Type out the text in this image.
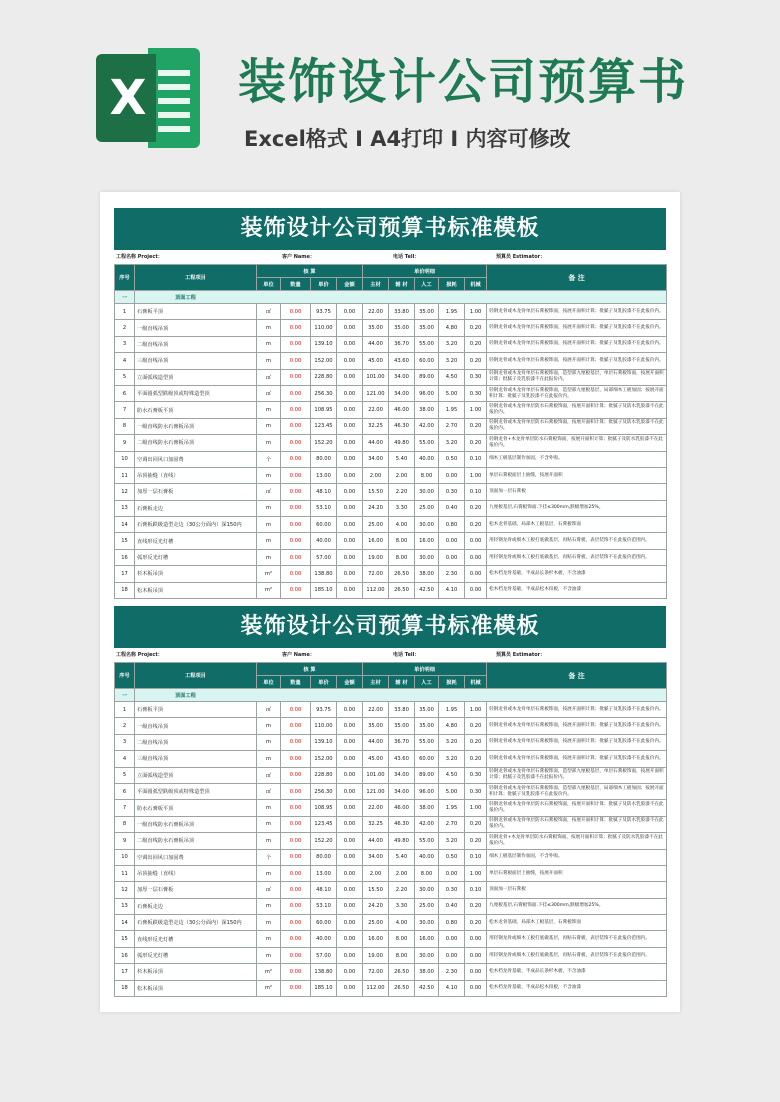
X 装饰设计公司预算书
Excel格式 I A4打印 I 内容可修改
装饰设计公司预算书标准模板
工程名称 Project：	客户 Name：	电话 Tell：	预算员 Estimator：
序号	工程项目	核 算				单价明细					备 注
		单位	数量	单价	金额	主材	辅 材	人工	损耗	机械	
一	顶面工程										
1	石膏板平顶	㎡	0.00	93.75	0.00	22.00	33.80	35.00	1.95	1.00	轻钢龙骨或木龙骨单层石膏板饰面，按展开面积计算；批腻子及乳胶漆不在此报价内。
2	一级直线吊顶	m	0.00	110.00	0.00	35.00	35.00	35.00	4.80	0.20	轻钢龙骨或木龙骨单层石膏板饰面，按展开面积计算；批腻子及乳胶漆不在此报价内。
3	二级直线吊顶	m	0.00	139.10	0.00	44.00	36.70	55.00	3.20	0.20	轻钢龙骨或木龙骨单层石膏板饰面，按展开面积计算；批腻子及乳胶漆不在此报价内。
4	三级直线吊顶	m	0.00	152.00	0.00	45.00	43.60	60.00	3.20	0.20	轻钢龙骨或木龙骨单层石膏板饰面，按展开面积计算；批腻子及乳胶漆不在此报价内。
5	立面弧线造型顶	㎡	0.00	228.80	0.00	101.00	34.00	89.00	4.50	0.30	轻钢龙骨或木龙骨单层石膏板饰面，造型部九厘板基层，单层石膏板饰面，按展开面积计算；批腻子及乳胶漆不在此报价内。
6	平面圆弧型跌级顶或特殊造型顶	㎡	0.00	256.30	0.00	121.00	34.00	96.00	5.00	0.30	轻钢龙骨或木龙骨单层石膏板饰面，造型部九厘板基层，局部细木工板加固；按展开面积计算；批腻子及乳胶漆不在此报价内。
7	防水石膏板平顶	m	0.00	108.95	0.00	22.00	46.00	38.00	1.95	1.00	轻钢龙骨或木龙骨单层防水石膏板饰面，按展开面积计算；批腻子及防水乳胶漆不在此报价内。
8	一级直线防水石膏板吊顶	m	0.00	123.45	0.00	32.25	46.30	42.00	2.70	0.20	轻钢龙骨或木龙骨单层防水石膏板饰面，按展开面积计算；批腻子及防水乳胶漆不在此报价内。
9	二级直线防水石膏板吊顶	m	0.00	152.20	0.00	44.00	49.80	55.00	3.20	0.20	轻钢龙骨+木龙骨单层防水石膏板饰面，按展开面积计算；批腻子及防水乳胶漆不在此报价内。
10	空调出回风口加固费	个	0.00	80.00	0.00	34.00	5.40	40.00	0.50	0.10	细木工板基层制作加固，不含外购。
11	吊顶抽缝（直线）	m	0.00	13.00	0.00	2.00	2.00	8.00	0.00	1.00	单层石膏板面层上抽缝，按展开面积
12	加厚一层石膏板	㎡	0.00	48.10	0.00	15.50	2.20	30.00	0.30	0.10	顶面加一层石膏板
13	石膏板走边	m	0.00	53.10	0.00	24.20	3.30	25.00	0.40	0.20	九厘板基层,石膏板饰面.下挂≤300mm,跌级增加25%。
14	石膏板跌级造型走边（30公分面内）深150内	m	0.00	60.00	0.00	25.00	4.00	30.00	0.80	0.20	松木龙骨基础，局部木工板基层，石膏板饰面
15	直线形反光灯槽	m	0.00	40.00	0.00	16.00	8.00	16.00	0.00	0.00	用轻钢龙骨或细木工板打底做基层，再贴石膏板，表层装饰不在此报价范围内。
16	弧形反光灯槽	m	0.00	57.00	0.00	19.00	8.00	30.00	0.00	0.00	用轻钢龙骨或细木工板打底做基层，再贴石膏板，表层装饰不在此报价范围内。
17	杉木板吊顶	m²	0.00	138.80	0.00	72.00	26.50	38.00	2.30	0.00	松木档龙骨基础，半成品长条杉木板，不含油漆
18	松木板吊顶	m²	0.00	185.10	0.00	112.00	26.50	42.50	4.10	0.00	松木档龙骨基础，半成品松木扣板，不含油漆
装饰设计公司预算书标准模板
工程名称 Project：	客户 Name：	电话 Tell：	预算员 Estimator：
序号	工程项目	核 算				单价明细					备 注
		单位	数量	单价	金额	主材	辅 材	人工	损耗	机械	
一	顶面工程										
1	石膏板平顶	㎡	0.00	93.75	0.00	22.00	33.80	35.00	1.95	1.00	轻钢龙骨或木龙骨单层石膏板饰面，按展开面积计算；批腻子及乳胶漆不在此报价内。
2	一级直线吊顶	m	0.00	110.00	0.00	35.00	35.00	35.00	4.80	0.20	轻钢龙骨或木龙骨单层石膏板饰面，按展开面积计算；批腻子及乳胶漆不在此报价内。
3	二级直线吊顶	m	0.00	139.10	0.00	44.00	36.70	55.00	3.20	0.20	轻钢龙骨或木龙骨单层石膏板饰面，按展开面积计算；批腻子及乳胶漆不在此报价内。
4	三级直线吊顶	m	0.00	152.00	0.00	45.00	43.60	60.00	3.20	0.20	轻钢龙骨或木龙骨单层石膏板饰面，按展开面积计算；批腻子及乳胶漆不在此报价内。
5	立面弧线造型顶	㎡	0.00	228.80	0.00	101.00	34.00	89.00	4.50	0.30	轻钢龙骨或木龙骨单层石膏板饰面，造型部九厘板基层，单层石膏板饰面，按展开面积计算；批腻子及乳胶漆不在此报价内。
6	平面圆弧型跌级顶或特殊造型顶	㎡	0.00	256.30	0.00	121.00	34.00	96.00	5.00	0.30	轻钢龙骨或木龙骨单层石膏板饰面，造型部九厘板基层，局部细木工板加固；按展开面积计算；批腻子及乳胶漆不在此报价内。
7	防水石膏板平顶	m	0.00	108.95	0.00	22.00	46.00	38.00	1.95	1.00	轻钢龙骨或木龙骨单层防水石膏板饰面，按展开面积计算；批腻子及防水乳胶漆不在此报价内。
8	一级直线防水石膏板吊顶	m	0.00	123.45	0.00	32.25	46.30	42.00	2.70	0.20	轻钢龙骨或木龙骨单层防水石膏板饰面，按展开面积计算；批腻子及防水乳胶漆不在此报价内。
9	二级直线防水石膏板吊顶	m	0.00	152.20	0.00	44.00	49.80	55.00	3.20	0.20	轻钢龙骨+木龙骨单层防水石膏板饰面，按展开面积计算；批腻子及防水乳胶漆不在此报价内。
10	空调出回风口加固费	个	0.00	80.00	0.00	34.00	5.40	40.00	0.50	0.10	细木工板基层制作加固，不含外购。
11	吊顶抽缝（直线）	m	0.00	13.00	0.00	2.00	2.00	8.00	0.00	1.00	单层石膏板面层上抽缝，按展开面积
12	加厚一层石膏板	㎡	0.00	48.10	0.00	15.50	2.20	30.00	0.30	0.10	顶面加一层石膏板
13	石膏板走边	m	0.00	53.10	0.00	24.20	3.30	25.00	0.40	0.20	九厘板基层,石膏板饰面.下挂≤300mm,跌级增加25%。
14	石膏板跌级造型走边（30公分面内）深150内	m	0.00	60.00	0.00	25.00	4.00	30.00	0.80	0.20	松木龙骨基础，局部木工板基层，石膏板饰面
15	直线形反光灯槽	m	0.00	40.00	0.00	16.00	8.00	16.00	0.00	0.00	用轻钢龙骨或细木工板打底做基层，再贴石膏板，表层装饰不在此报价范围内。
16	弧形反光灯槽	m	0.00	57.00	0.00	19.00	8.00	30.00	0.00	0.00	用轻钢龙骨或细木工板打底做基层，再贴石膏板，表层装饰不在此报价范围内。
17	杉木板吊顶	m²	0.00	138.80	0.00	72.00	26.50	38.00	2.30	0.00	松木档龙骨基础，半成品长条杉木板，不含油漆
18	松木板吊顶	m²	0.00	185.10	0.00	112.00	26.50	42.50	4.10	0.00	松木档龙骨基础，半成品松木扣板，不含油漆
